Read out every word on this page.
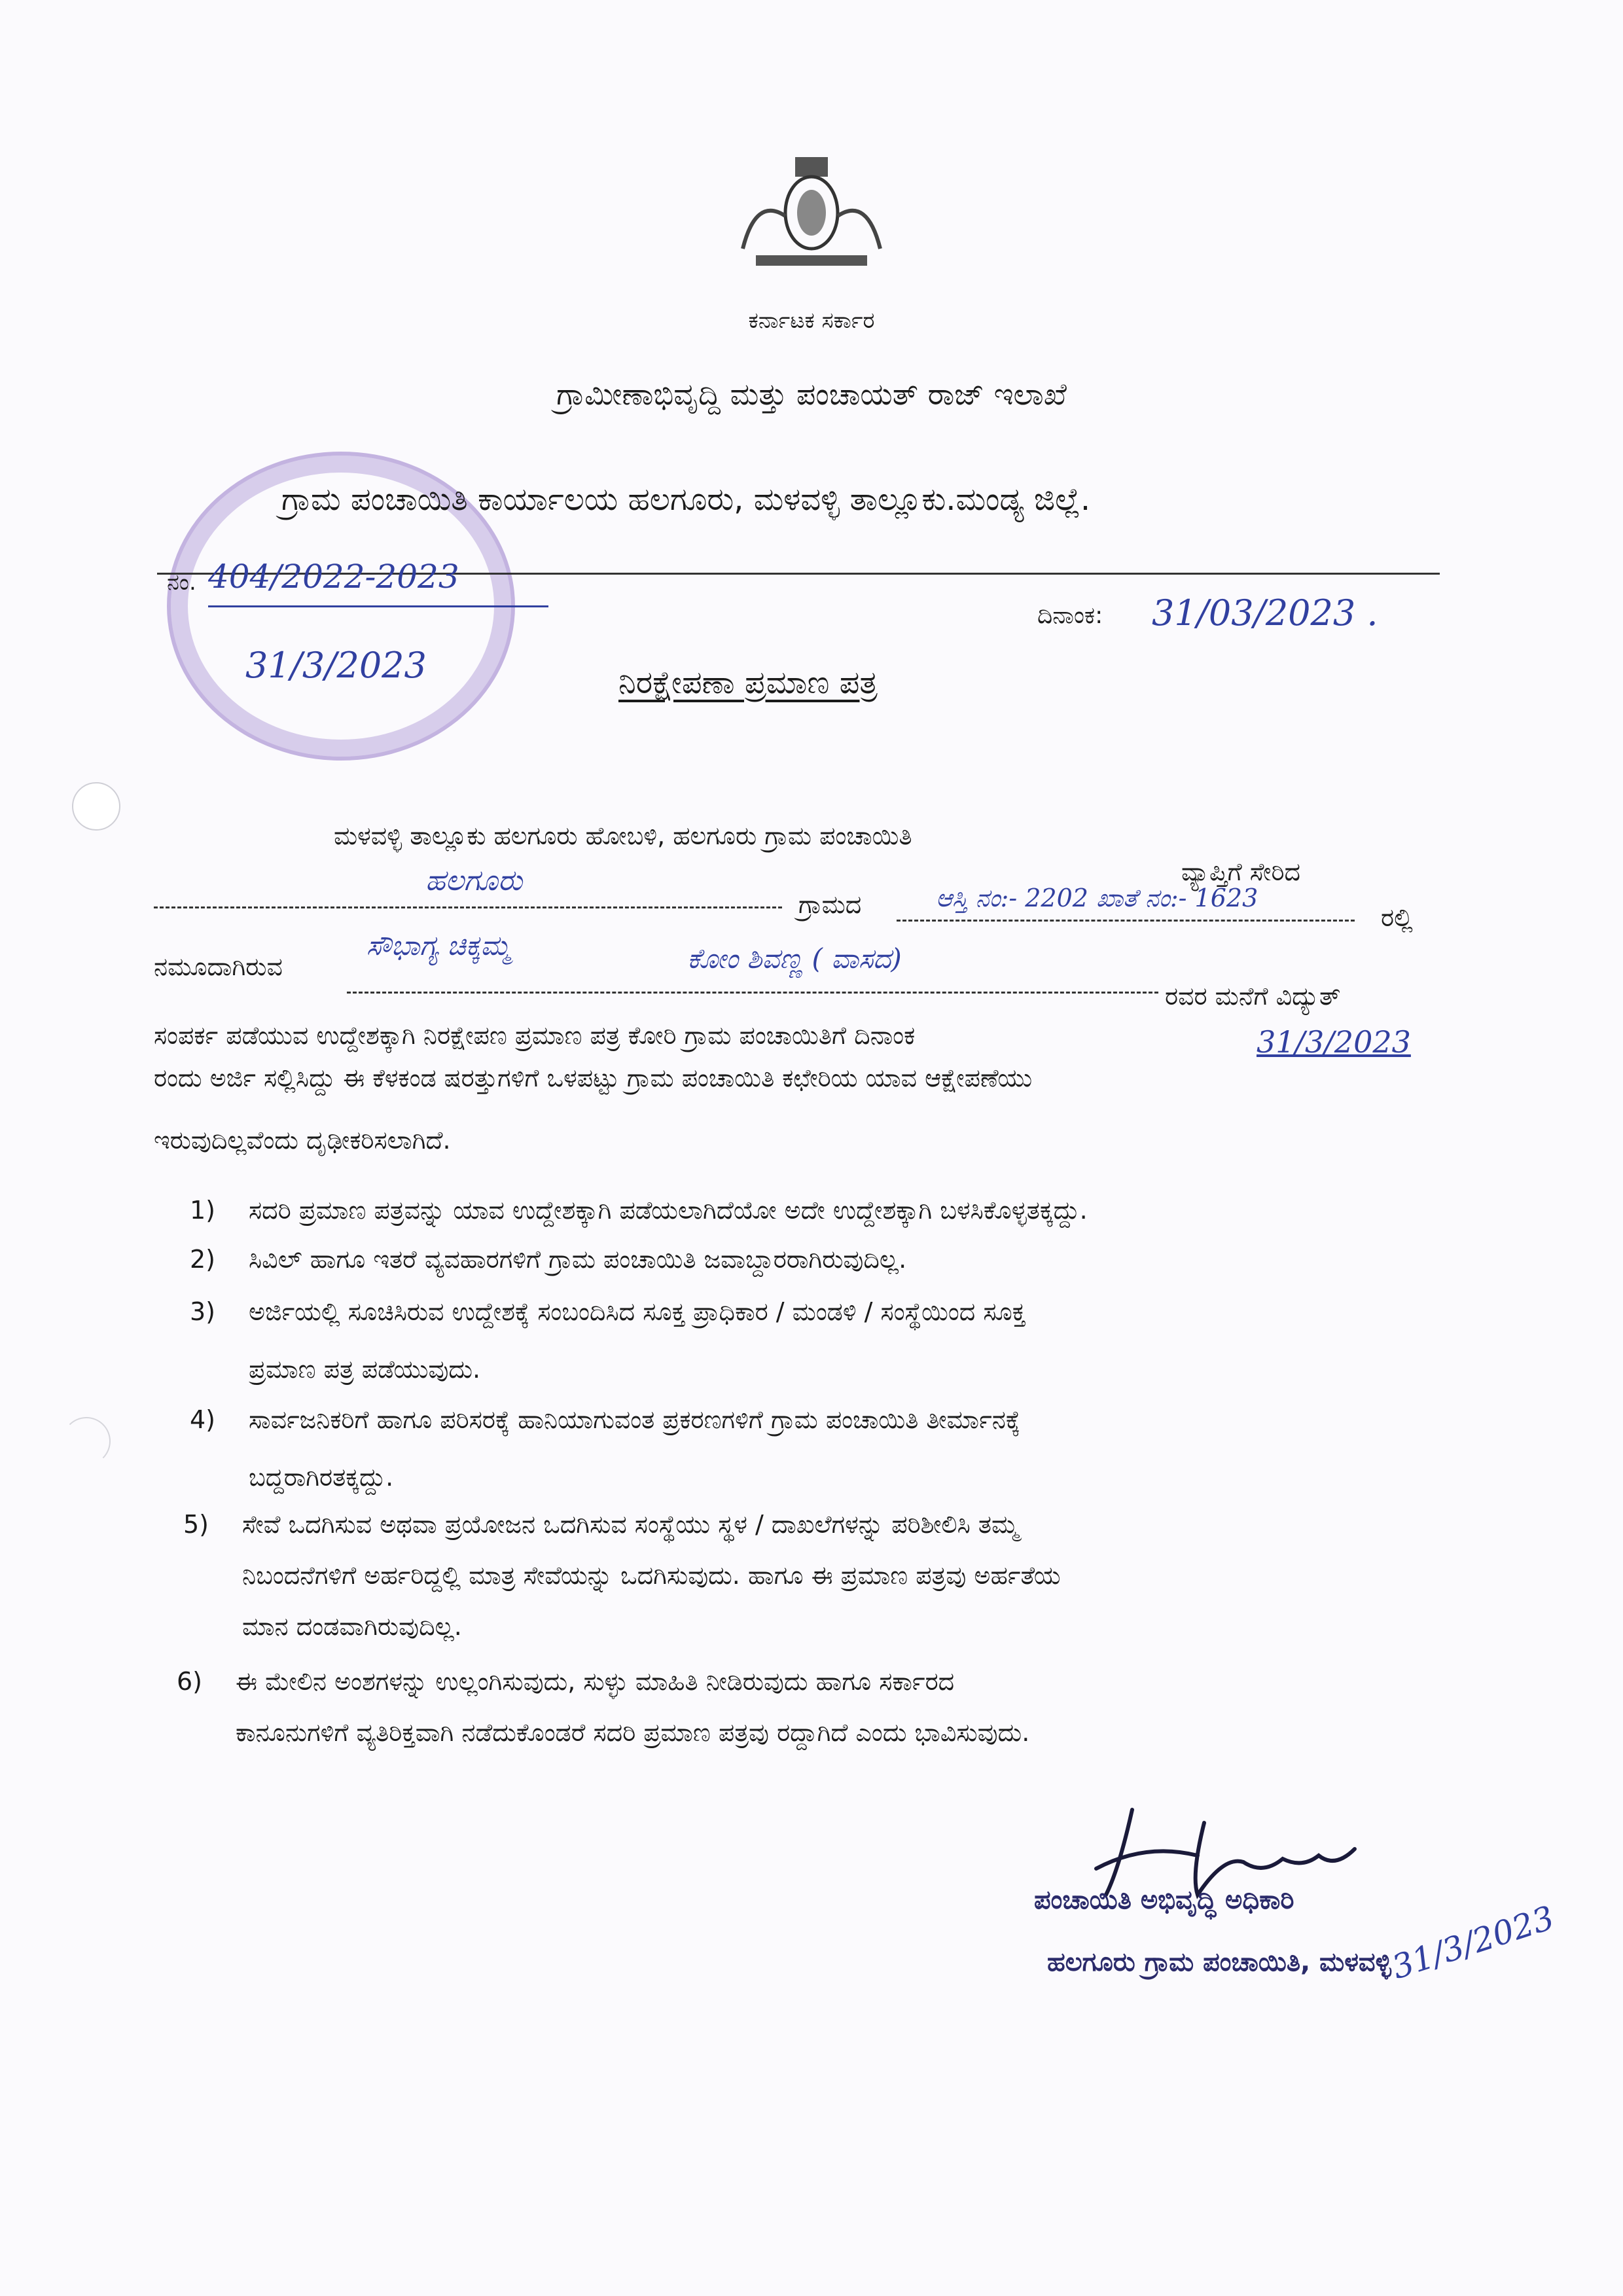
ಕರ್ನಾಟಕ ಸರ್ಕಾರ
ಗ್ರಾಮೀಣಾಭಿವೃದ್ದಿ ಮತ್ತು ಪಂಚಾಯತ್ ರಾಜ್ ಇಲಾಖೆ
ಗ್ರಾಮ ಪಂಚಾಯಿತಿ ಕಾರ್ಯಾಲಯ ಹಲಗೂರು, ಮಳವಳ್ಳಿ ತಾಲ್ಲೂಕು.ಮಂಡ್ಯ ಜಿಲ್ಲೆ.
ನಂ. 404/2022-2023
ದಿನಾಂಕ: 31/03/2023 .
31/3/2023	ನಿರಕ್ಷೇಪಣಾ ಪ್ರಮಾಣ ಪತ್ರ
ಮಳವಳ್ಳಿ ತಾಲ್ಲೂಕು ಹಲಗೂರು ಹೋಬಳಿ, ಹಲಗೂರು ಗ್ರಾಮ ಪಂಚಾಯಿತಿ
ವ್ಯಾಪ್ತಿಗೆ ಸೇರಿದ
ಹಲಗೂರು
ಗ್ರಾಮದ	ಆಸ್ತಿ ನಂ:- 2202 ಖಾತೆ ನಂ:- 1623
ರಲ್ಲಿ
ನಮೂದಾಗಿರುವ
ಸೌಭಾಗ್ಯ ಚಿಕ್ಕಮ್ಮ	ಕೋಂ ಶಿವಣ್ಣ ( ವಾಸದ)
ರವರ ಮನೆಗೆ ವಿದ್ಯುತ್
ಸಂಪರ್ಕ ಪಡೆಯುವ ಉದ್ದೇಶಕ್ಕಾಗಿ ನಿರಕ್ಷೇಪಣ ಪ್ರಮಾಣ ಪತ್ರ ಕೋರಿ ಗ್ರಾಮ ಪಂಚಾಯಿತಿಗೆ ದಿನಾಂಕ	31/3/2023
ರಂದು ಅರ್ಜಿ ಸಲ್ಲಿಸಿದ್ದು ಈ ಕೆಳಕಂಡ ಷರತ್ತುಗಳಿಗೆ ಒಳಪಟ್ಟು ಗ್ರಾಮ ಪಂಚಾಯಿತಿ ಕಛೇರಿಯ ಯಾವ ಆಕ್ಷೇಪಣೆಯು
ಇರುವುದಿಲ್ಲವೆಂದು ದೃಢೀಕರಿಸಲಾಗಿದೆ.
1) ಸದರಿ ಪ್ರಮಾಣ ಪತ್ರವನ್ನು ಯಾವ ಉದ್ದೇಶಕ್ಕಾಗಿ ಪಡೆಯಲಾಗಿದೆಯೋ ಅದೇ ಉದ್ದೇಶಕ್ಕಾಗಿ ಬಳಸಿಕೊಳ್ಳತಕ್ಕದ್ದು.
2) ಸಿವಿಲ್ ಹಾಗೂ ಇತರೆ ವ್ಯವಹಾರಗಳಿಗೆ ಗ್ರಾಮ ಪಂಚಾಯಿತಿ ಜವಾಬ್ದಾರರಾಗಿರುವುದಿಲ್ಲ.
3) ಅರ್ಜಿಯಲ್ಲಿ ಸೂಚಿಸಿರುವ ಉದ್ದೇಶಕ್ಕೆ ಸಂಬಂದಿಸಿದ ಸೂಕ್ತ ಪ್ರಾಧಿಕಾರ / ಮಂಡಳಿ / ಸಂಸ್ಥೆಯಿಂದ ಸೂಕ್ತ
ಪ್ರಮಾಣ ಪತ್ರ ಪಡೆಯುವುದು.
4) ಸಾರ್ವಜನಿಕರಿಗೆ ಹಾಗೂ ಪರಿಸರಕ್ಕೆ ಹಾನಿಯಾಗುವಂತ ಪ್ರಕರಣಗಳಿಗೆ ಗ್ರಾಮ ಪಂಚಾಯಿತಿ ತೀರ್ಮಾನಕ್ಕೆ
ಬದ್ದರಾಗಿರತಕ್ಕದ್ದು.
5) ಸೇವೆ ಒದಗಿಸುವ ಅಥವಾ ಪ್ರಯೋಜನ ಒದಗಿಸುವ ಸಂಸ್ಥೆಯು ಸ್ಥಳ / ದಾಖಲೆಗಳನ್ನು ಪರಿಶೀಲಿಸಿ ತಮ್ಮ
ನಿಬಂದನೆಗಳಿಗೆ ಅರ್ಹರಿದ್ದಲ್ಲಿ ಮಾತ್ರ ಸೇವೆಯನ್ನು ಒದಗಿಸುವುದು. ಹಾಗೂ ಈ ಪ್ರಮಾಣ ಪತ್ರವು ಅರ್ಹತೆಯ
ಮಾನ ದಂಡವಾಗಿರುವುದಿಲ್ಲ.
6) ಈ ಮೇಲಿನ ಅಂಶಗಳನ್ನು ಉಲ್ಲಂಗಿಸುವುದು, ಸುಳ್ಳು ಮಾಹಿತಿ ನೀಡಿರುವುದು ಹಾಗೂ ಸರ್ಕಾರದ
ಕಾನೂನುಗಳಿಗೆ ವ್ಯತಿರಿಕ್ತವಾಗಿ ನಡೆದುಕೊಂಡರೆ ಸದರಿ ಪ್ರಮಾಣ ಪತ್ರವು ರದ್ದಾಗಿದೆ ಎಂದು ಭಾವಿಸುವುದು.
ಪಂಚಾಯಿತಿ ಅಭಿವೃದ್ಧಿ ಅಧಿಕಾರಿ
ಹಲಗೂರು ಗ್ರಾಮ ಪಂಚಾಯಿತಿ, ಮಳವಳ್ಳಿ
31/3/2023
